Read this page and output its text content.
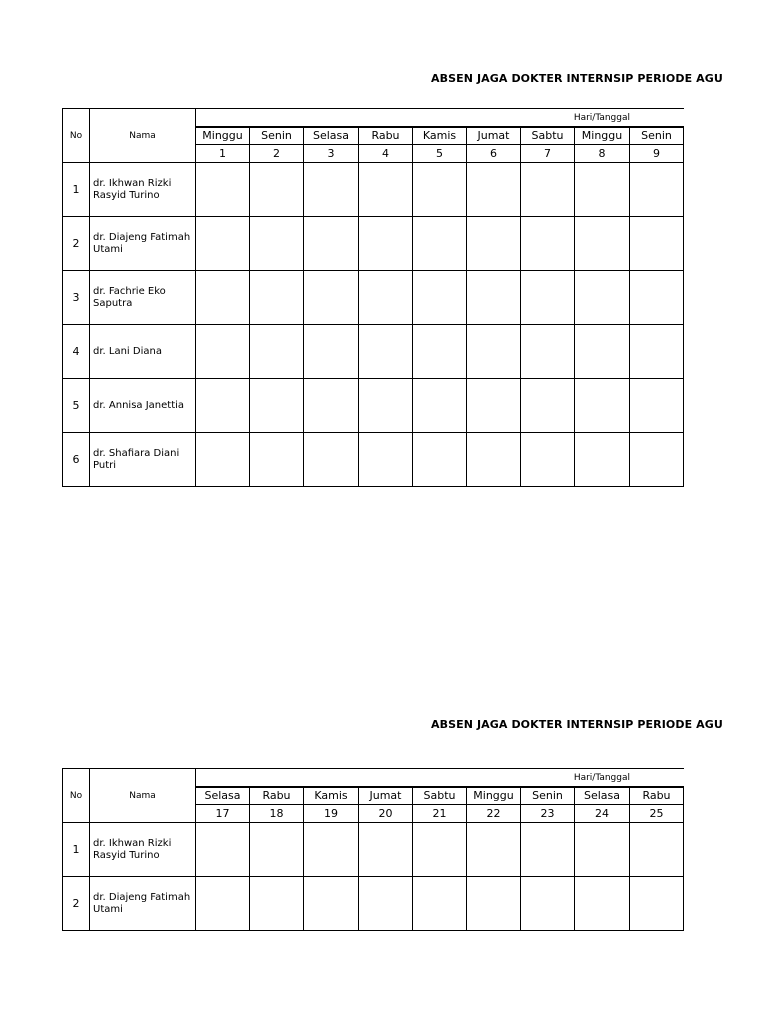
No	Nama
Hari/Tanggal
Minggu	Senin	Selasa	Rabu	Kamis	Jumat	Sabtu	Minggu	Senin
1	2	3	4	5	6	7	8	9
1	dr. Ikhwan Rizki Rasyid Turino
2	dr. Diajeng Fatimah Utami
3	dr. Fachrie Eko Saputra
4	dr. Lani Diana
5	dr. Annisa Janettia
6	dr. Shafiara Diani Putri
ABSEN JAGA DOKTER INTERNSIP PERIODE AGU
No	Nama
Hari/Tanggal
Selasa	Rabu	Kamis	Jumat	Sabtu	Minggu	Senin	Selasa	Rabu
17	18	19	20	21	22	23	24	25
1	dr. Ikhwan Rizki Rasyid Turino
2	dr. Diajeng Fatimah Utami
ABSEN JAGA DOKTER INTERNSIP PERIODE AGU
